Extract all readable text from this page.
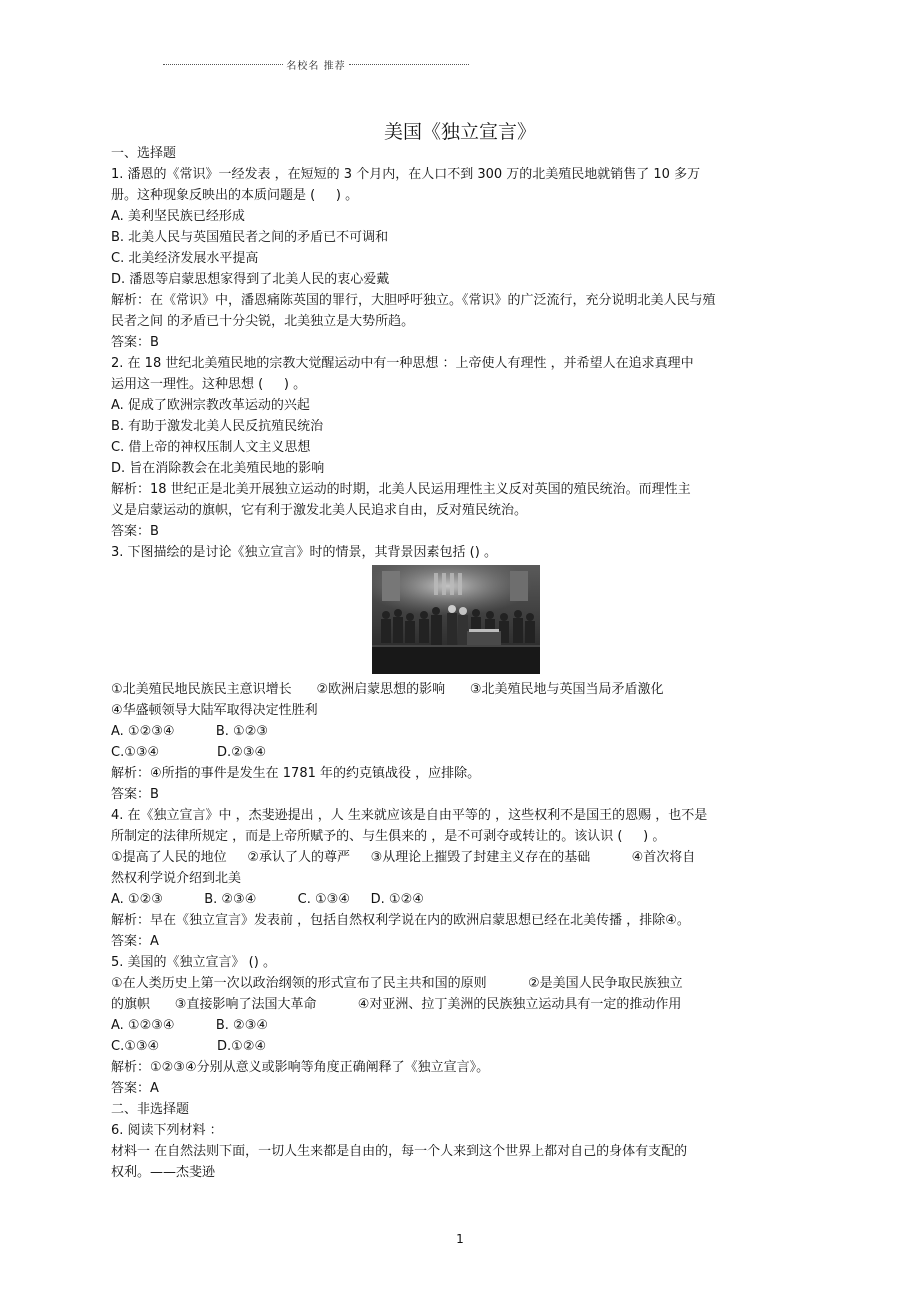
名校名 推荐
美国《独立宣言》
一、选择题
1. 潘恩的《常识》一经发表 ，在短短的 3 个月内，在人口不到 300 万的北美殖民地就销售了 10 多万
册。这种现象反映出的本质问题是 (     ) 。
A. 美利坚民族已经形成
B. 北美人民与英国殖民者之间的矛盾已不可调和
C. 北美经济发展水平提高
D. 潘恩等启蒙思想家得到了北美人民的衷心爱戴
解析：在《常识》中，潘恩痛陈英国的罪行，大胆呼吁独立。《常识》的广泛流行，充分说明北美人民与殖
民者之间 的矛盾已十分尖锐，北美独立是大势所趋。
答案：B
2. 在 18 世纪北美殖民地的宗教大觉醒运动中有一种思想 ：上帝使人有理性 ，并希望人在追求真理中
运用这一理性。这种思想 (     ) 。
A. 促成了欧洲宗教改革运动的兴起
B. 有助于激发北美人民反抗殖民统治
C. 借上帝的神权压制人文主义思想
D. 旨在消除教会在北美殖民地的影响
解析：18 世纪正是北美开展独立运动的时期，北美人民运用理性主义反对英国的殖民统治。而理性主
义是启蒙运动的旗帜，它有利于激发北美人民追求自由，反对殖民统治。
答案：B
3. 下图描绘的是讨论《独立宣言》时的情景，其背景因素包括 () 。
①北美殖民地民族民主意识增长      ②欧洲启蒙思想的影响      ③北美殖民地与英国当局矛盾激化
④华盛顿领导大陆军取得决定性胜利
A. ①②③④          B. ①②③
C.①③④              D.②③④
解析：④所指的事件是发生在 1781 年的约克镇战役 ，应排除。
答案：B
4. 在《独立宣言》中 ，杰斐逊提出 ，人 生来就应该是自由平等的 ，这些权利不是国王的恩赐 ，也不是
所制定的法律所规定 ，而是上帝所赋予的、与生俱来的 ，是不可剥夺或转让的。该认识 (     ) 。
①提高了人民的地位     ②承认了人的尊严     ③从理论上摧毁了封建主义存在的基础          ④首次将自
然权利学说介绍到北美
A. ①②③          B. ②③④          C. ①③④     D. ①②④
解析：早在《独立宣言》发表前 ，包括自然权利学说在内的欧洲启蒙思想已经在北美传播 ，排除④。
答案：A
5. 美国的《独立宣言》 () 。
①在人类历史上第一次以政治纲领的形式宣布了民主共和国的原则          ②是美国人民争取民族独立
的旗帜      ③直接影响了法国大革命          ④对亚洲、拉丁美洲的民族独立运动具有一定的推动作用
A. ①②③④          B. ②③④
C.①③④              D.①②④
解析：①②③④分别从意义或影响等角度正确阐释了《独立宣言》。
答案：A
二、非选择题
6. 阅读下列材料 ：
材料一 在自然法则下面，一切人生来都是自由的，每一个人来到这个世界上都对自己的身体有支配的
权利。——杰斐逊
1
